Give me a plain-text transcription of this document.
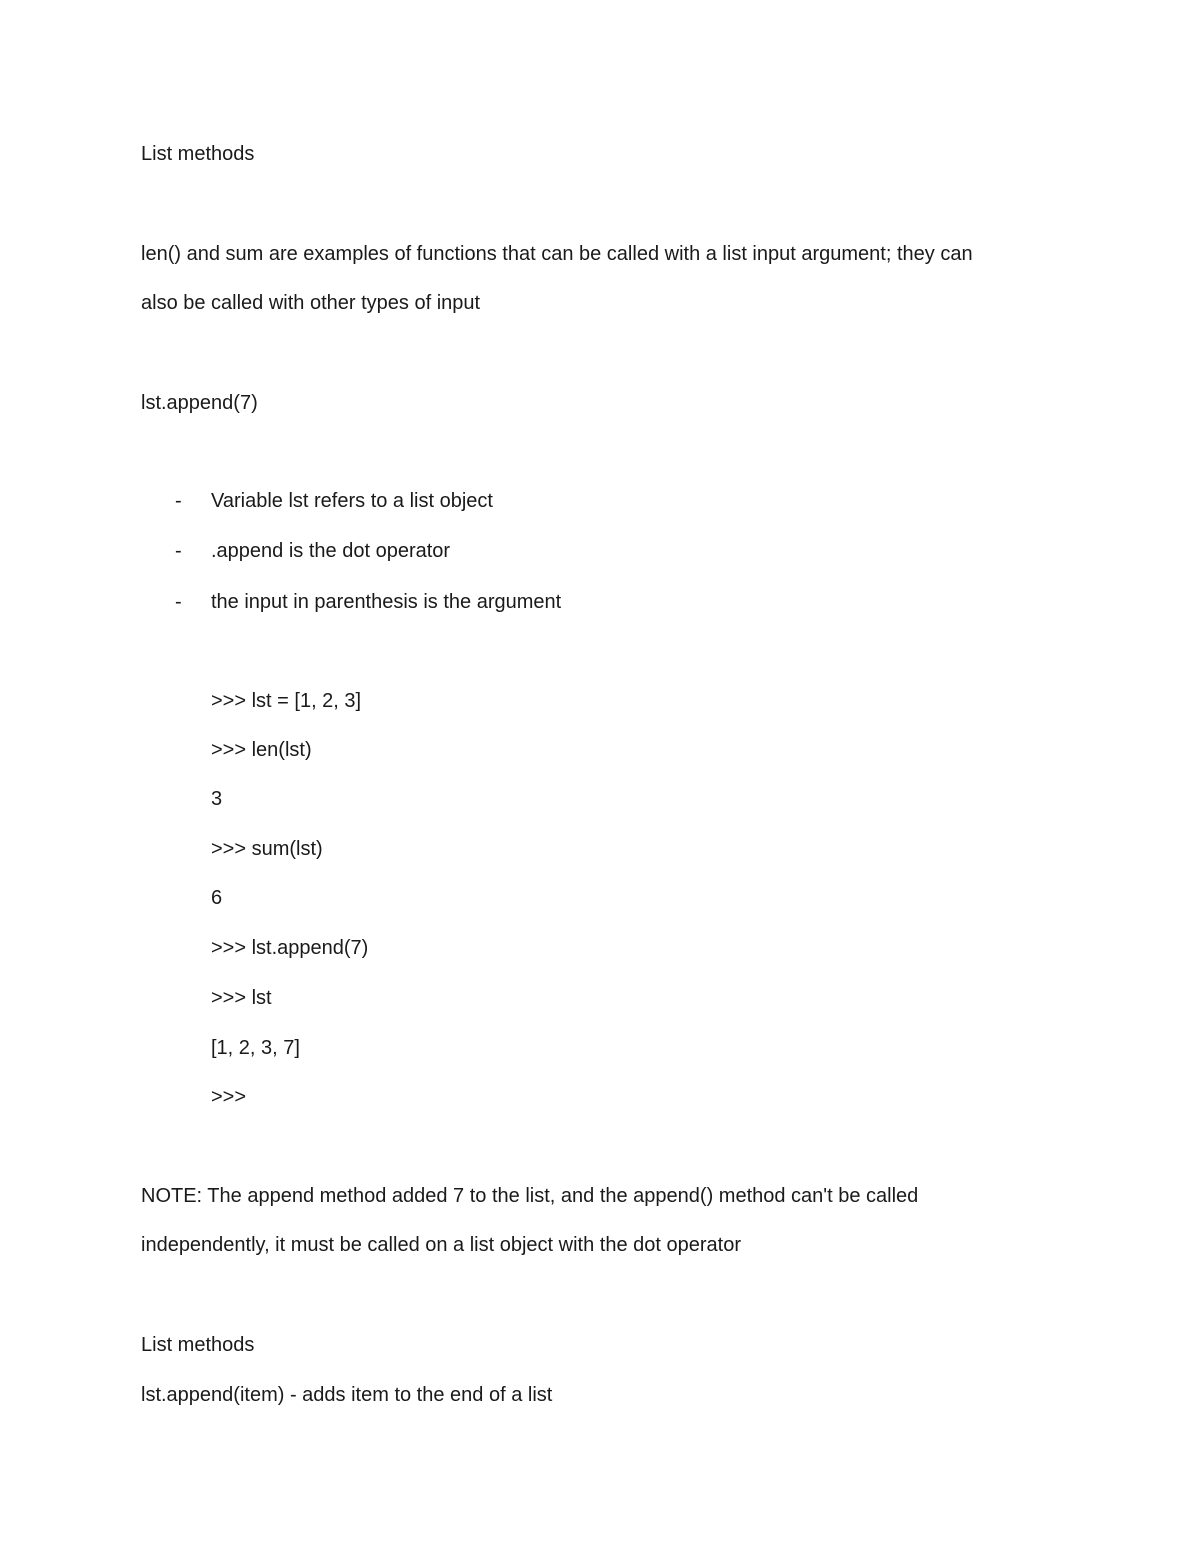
List methods
len() and sum are examples of functions that can be called with a list input argument; they can
also be called with other types of input
lst.append(7)
- Variable lst refers to a list object
- .append is the dot operator
- the input in parenthesis is the argument
>>> lst = [1, 2, 3]
>>> len(lst)
3
>>> sum(lst)
6
>>> lst.append(7)
>>> lst
[1, 2, 3, 7]
>>>
NOTE: The append method added 7 to the list, and the append() method can't be called
independently, it must be called on a list object with the dot operator
List methods
lst.append(item) - adds item to the end of a list
